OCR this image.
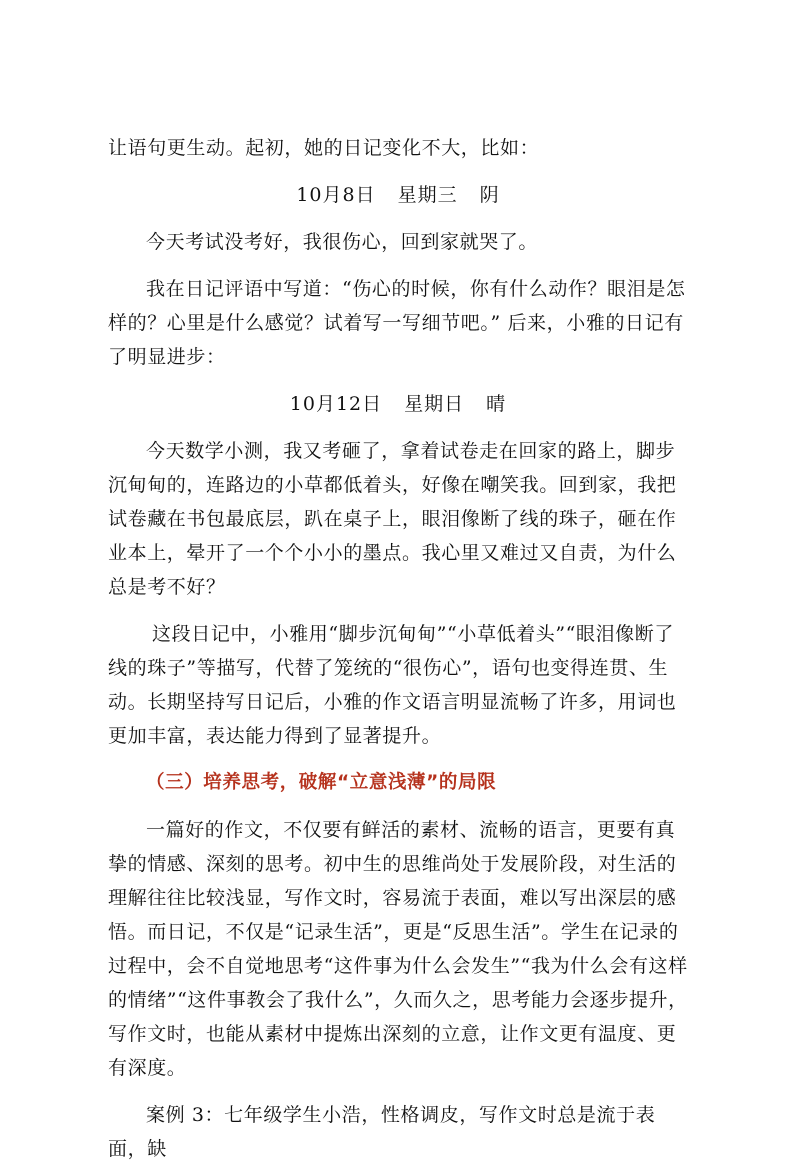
让语句更生动。起初，她的日记变化不大，比如：

10月8日 星期三 阴

今天考试没考好，我很伤心，回到家就哭了。

我在日记评语中写道：“伤心的时候，你有什么动作？眼泪是怎样的？心里是什么感觉？试着写一写细节吧。” 后来，小雅的日记有了明显进步：

10月12日 星期日 晴

今天数学小测，我又考砸了，拿着试卷走在回家的路上，脚步沉甸甸的，连路边的小草都低着头，好像在嘲笑我。回到家，我把试卷藏在书包最底层，趴在桌子上，眼泪像断了线的珠子，砸在作业本上，晕开了一个个小小的墨点。我心里又难过又自责，为什么总是考不好？

这段日记中，小雅用“脚步沉甸甸”“小草低着头”“眼泪像断了线的珠子”等描写，代替了笼统的“很伤心”，语句也变得连贯、生动。长期坚持写日记后，小雅的作文语言明显流畅了许多，用词也更加丰富，表达能力得到了显著提升。

（三）培养思考，破解“立意浅薄”的局限

一篇好的作文，不仅要有鲜活的素材、流畅的语言，更要有真挚的情感、深刻的思考。初中生的思维尚处于发展阶段，对生活的理解往往比较浅显，写作文时，容易流于表面，难以写出深层的感悟。而日记，不仅是“记录生活”，更是“反思生活”。学生在记录的过程中，会不自觉地思考“这件事为什么会发生”“我为什么会有这样的情绪”“这件事教会了我什么”，久而久之，思考能力会逐步提升，写作文时，也能从素材中提炼出深刻的立意，让作文更有温度、更有深度。

案例 3：七年级学生小浩，性格调皮，写作文时总是流于表面，缺
